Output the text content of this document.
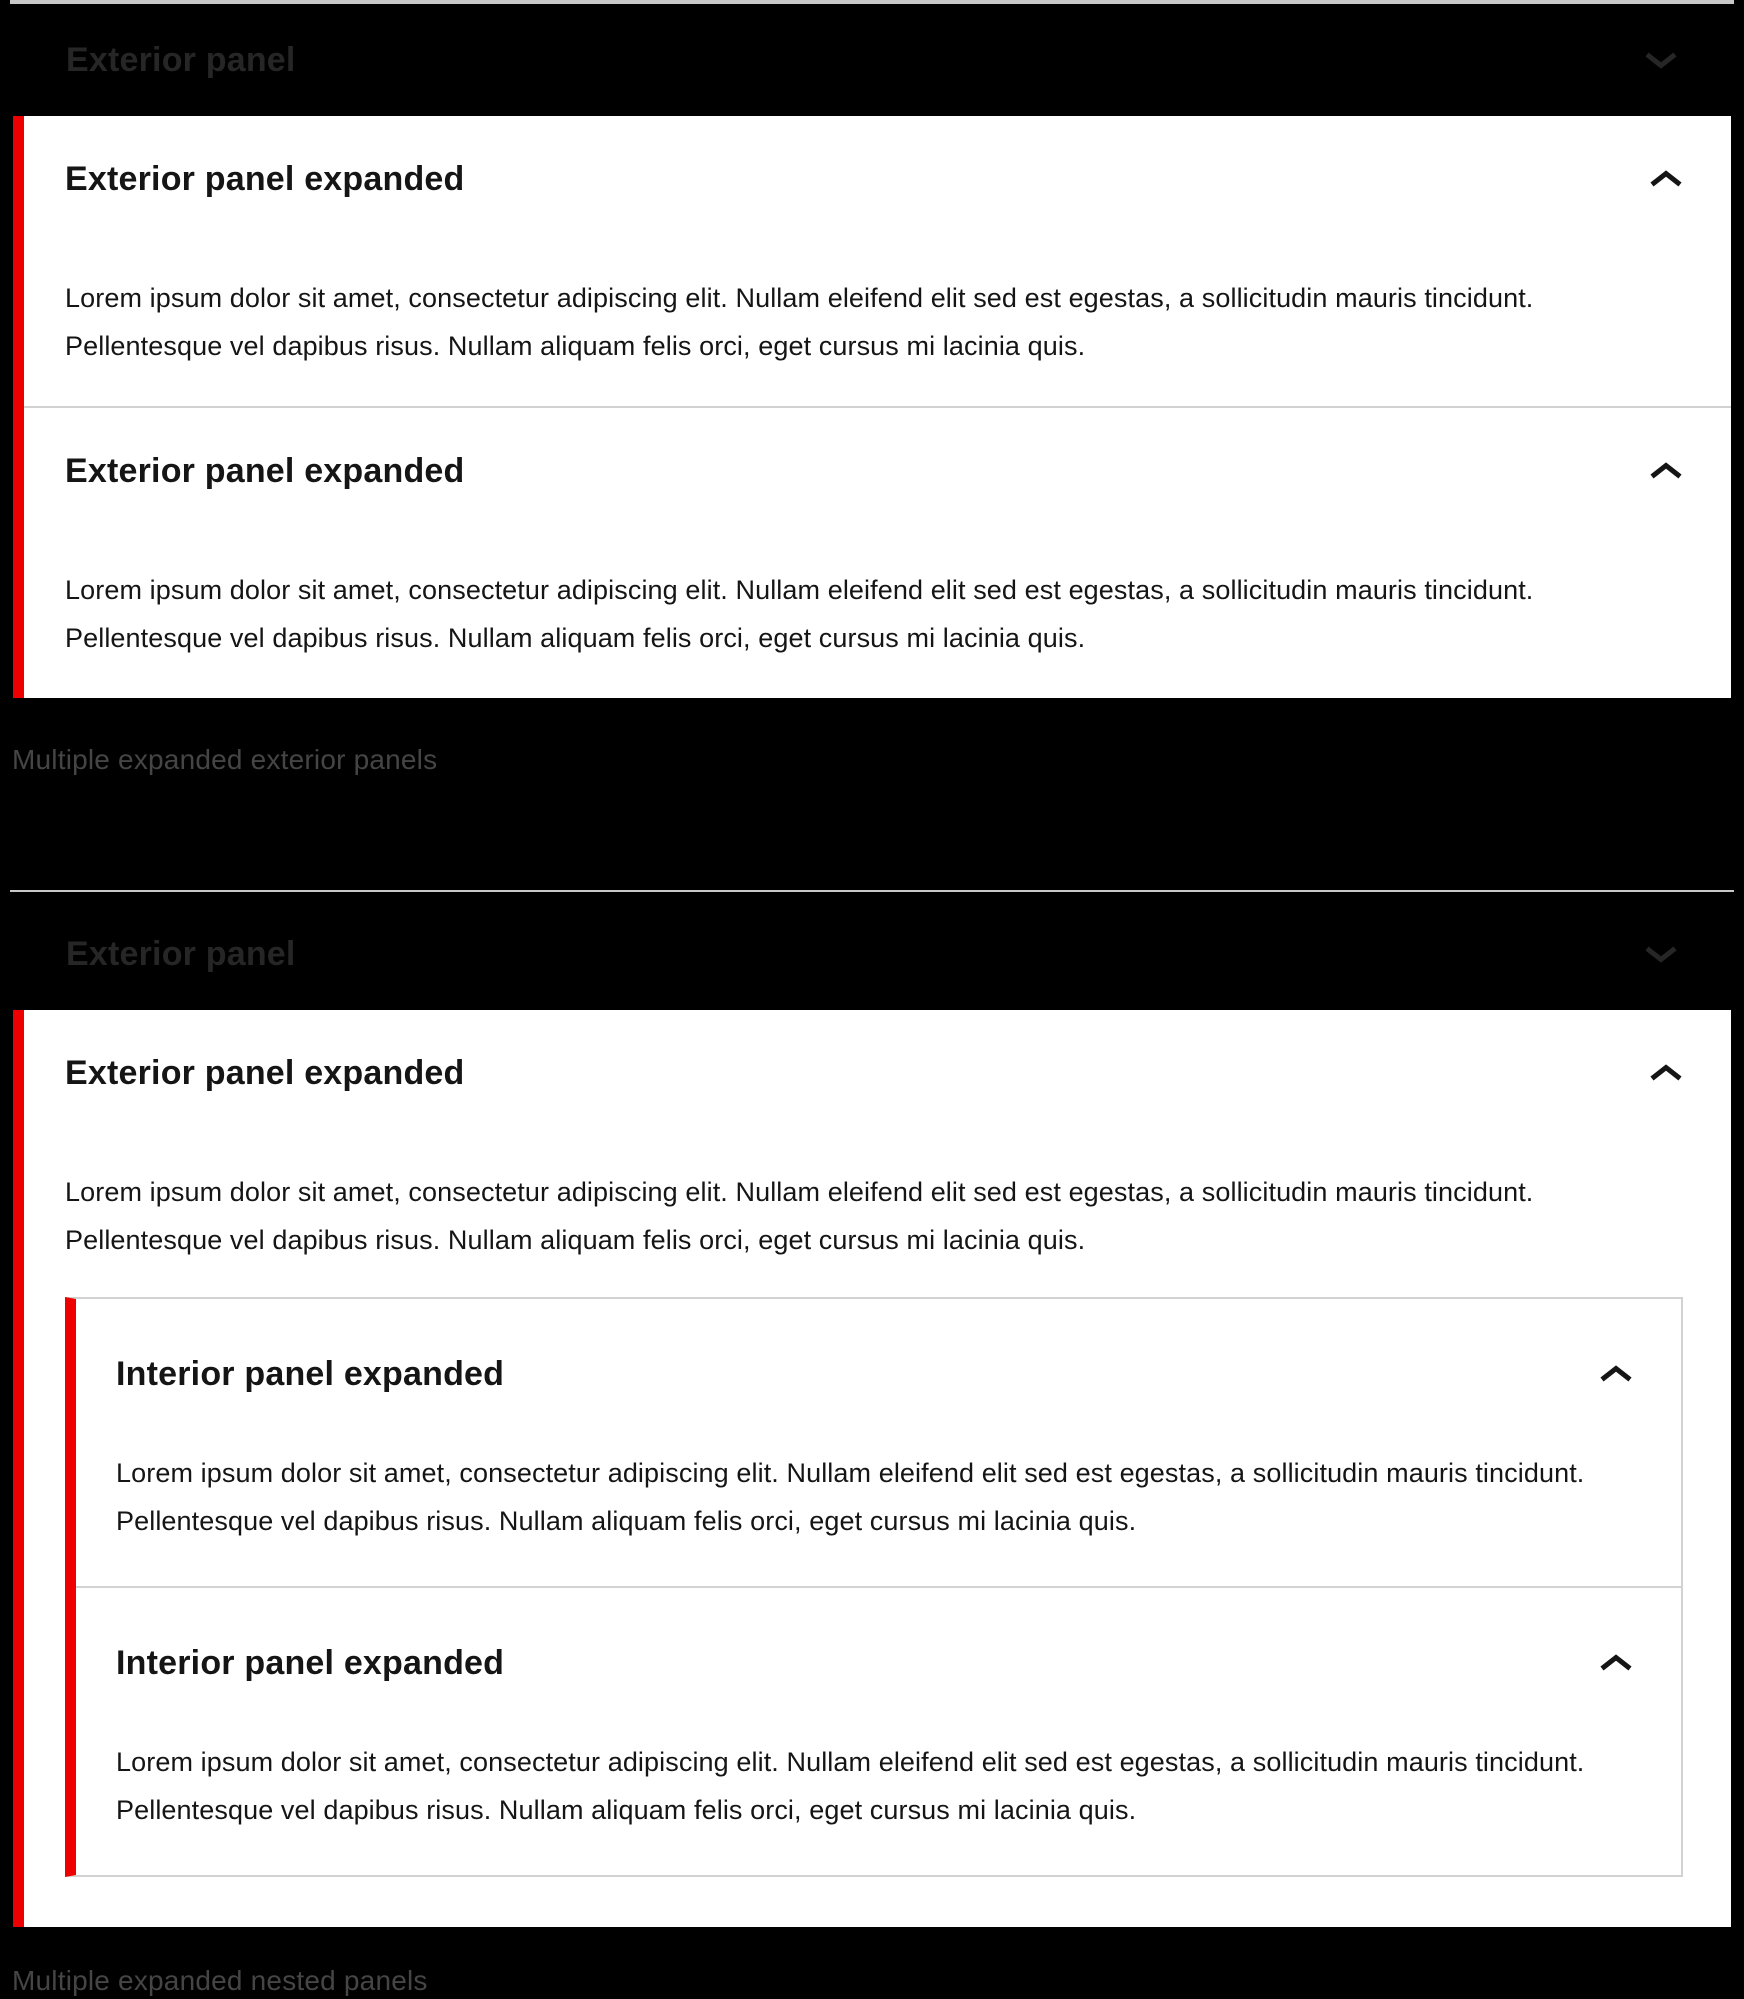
Exterior panel
Exterior panel expanded

Lorem ipsum dolor sit amet, consectetur adipiscing elit. Nullam eleifend elit sed est egestas, a sollicitudin mauris tincidunt. Pellentesque vel dapibus risus. Nullam aliquam felis orci, eget cursus mi lacinia quis.

Exterior panel expanded

Lorem ipsum dolor sit amet, consectetur adipiscing elit. Nullam eleifend elit sed est egestas, a sollicitudin mauris tincidunt. Pellentesque vel dapibus risus. Nullam aliquam felis orci, eget cursus mi lacinia quis.

Multiple expanded exterior panels
Exterior panel
Exterior panel expanded

Lorem ipsum dolor sit amet, consectetur adipiscing elit. Nullam eleifend elit sed est egestas, a sollicitudin mauris tincidunt. Pellentesque vel dapibus risus. Nullam aliquam felis orci, eget cursus mi lacinia quis.

Interior panel expanded

Lorem ipsum dolor sit amet, consectetur adipiscing elit. Nullam eleifend elit sed est egestas, a sollicitudin mauris tincidunt. Pellentesque vel dapibus risus. Nullam aliquam felis orci, eget cursus mi lacinia quis.

Interior panel expanded

Lorem ipsum dolor sit amet, consectetur adipiscing elit. Nullam eleifend elit sed est egestas, a sollicitudin mauris tincidunt. Pellentesque vel dapibus risus. Nullam aliquam felis orci, eget cursus mi lacinia quis.

Multiple expanded nested panels
